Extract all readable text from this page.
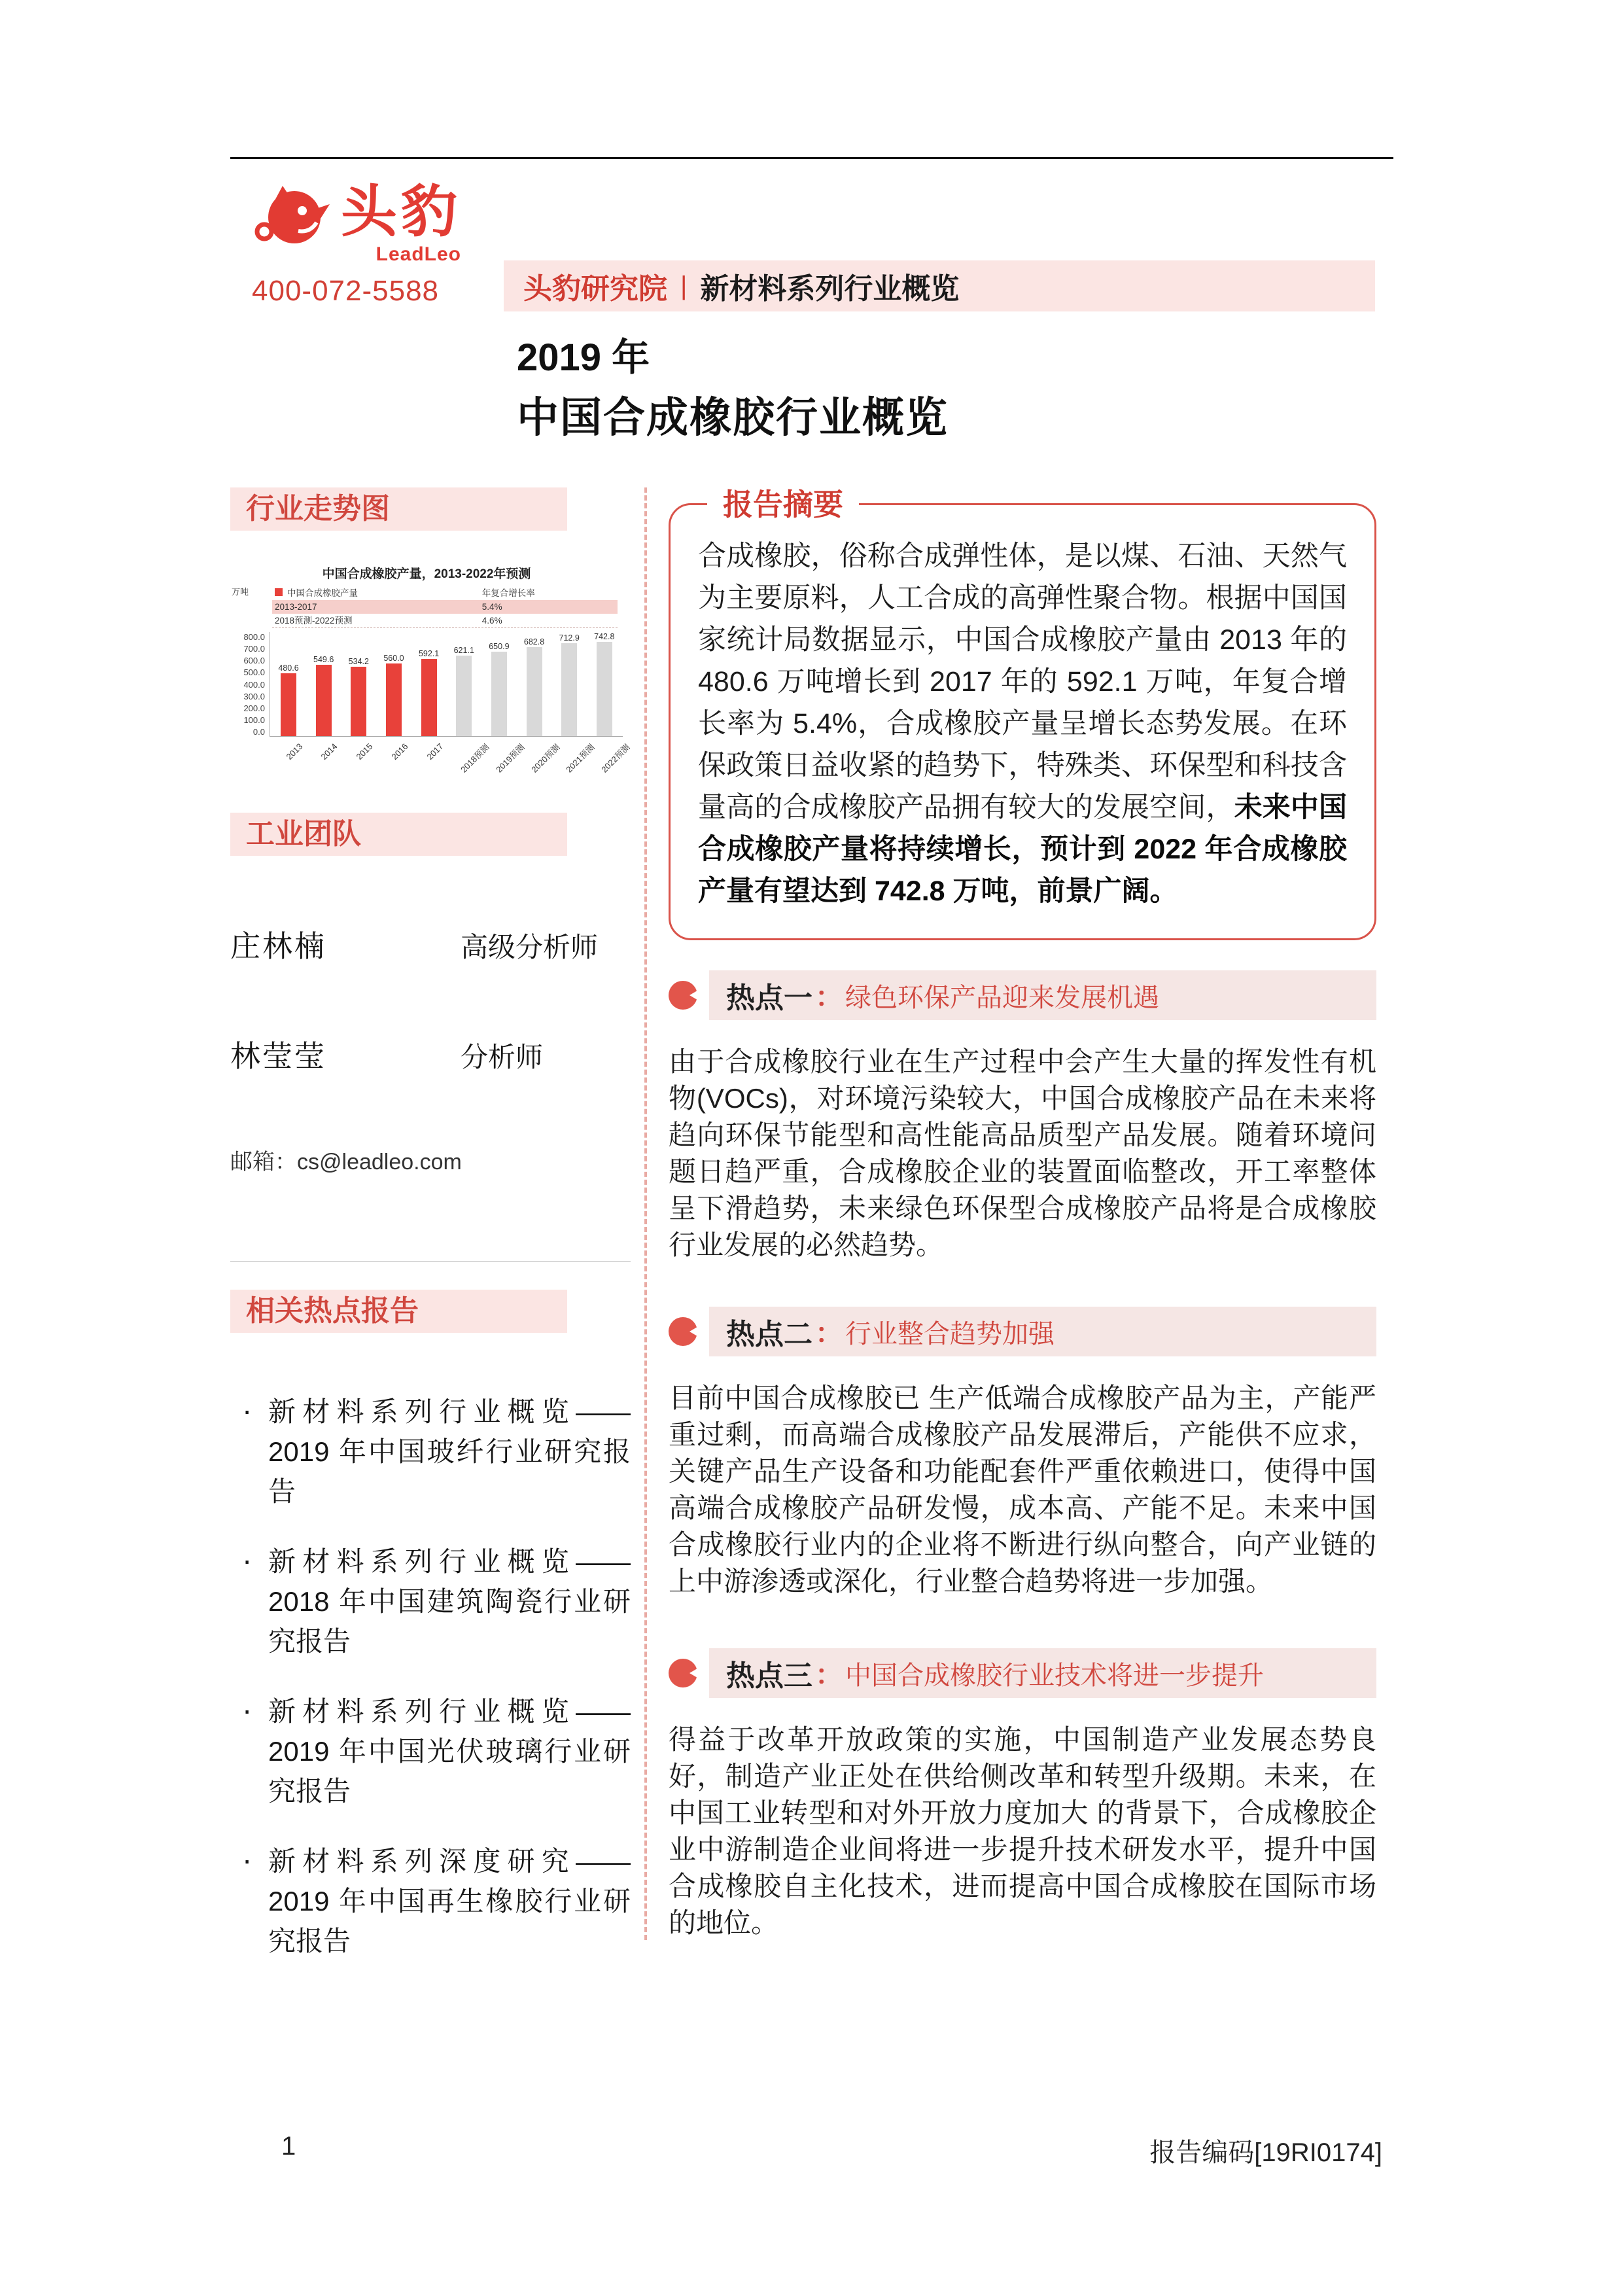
头豹
LeadLeo
400-072-5588	头豹研究院 | 新材料系列行业概览
2019 年
中国合成橡胶行业概览
行业走势图
中国合成橡胶产量，2013-2022年预测
万吨	中国合成橡胶产量	年复合增长率
2013-2017	5.4%
2018预测-2022预测	4.6%
800.0
700.0
600.0
500.0
400.0
300.0
200.0
100.0
0.0
480.6
549.6 534.2 560.0 592.1 621.1 650.9 682.8 712.9 742.8
2013	2014	2015	2016	2017	2018预测 2019预测 2020预测 2021预测 2022预测
工业团队
庄林楠	高级分析师
林莹莹	分析师
邮箱：cs@leadleo.com
相关热点报告
· 新材料系列行业概览——2019 年中国玻纤行业研究报告
· 新材料系列行业概览——2018 年中国建筑陶瓷行业研究报告
· 新材料系列行业概览——2019 年中国光伏玻璃行业研究报告
· 新材料系列深度研究——2019 年中国再生橡胶行业研究报告
报告摘要
合成橡胶，俗称合成弹性体，是以煤、石油、天然气为主要原料，人工合成的高弹性聚合物。根据中国国家统计局数据显示，中国合成橡胶产量由 2013 年的 480.6 万吨增长到 2017 年的 592.1 万吨，年复合增长率为 5.4%，合成橡胶产量呈增长态势发展。在环保政策日益收紧的趋势下，特殊类、环保型和科技含量高的合成橡胶产品拥有较大的发展空间，未来中国合成橡胶产量将持续增长，预计到 2022 年合成橡胶产量有望达到 742.8 万吨，前景广阔。
热点一 ： 绿色环保产品迎来发展机遇
由于合成橡胶行业在生产过程中会产生大量的挥发性有机物(VOCs)，对环境污染较大，中国合成橡胶产品在未来将趋向环保节能型和高性能高品质型产品发展。随着环境问题日趋严重，合成橡胶企业的装置面临整改，开工率整体呈下滑趋势，未来绿色环保型合成橡胶产品将是合成橡胶行业发展的必然趋势。
热点二 ： 行业整合趋势加强
目前中国合成橡胶已 生产低端合成橡胶产品为主，产能严重过剩，而高端合成橡胶产品发展滞后，产能供不应求，关键产品生产设备和功能配套件严重依赖进口，使得中国高端合成橡胶产品研发慢，成本高、产能不足。未来中国合成橡胶行业内的企业将不断进行纵向整合，向产业链的上中游渗透或深化，行业整合趋势将进一步加强。
热点三 ： 中国合成橡胶行业技术将进一步提升
得益于改革开放政策的实施，中国制造产业发展态势良好，制造产业正处在供给侧改革和转型升级期。未来，在中国工业转型和对外开放力度加大 的背景下，合成橡胶企业中游制造企业间将进一步提升技术研发水平，提升中国合成橡胶自主化技术，进而提高中国合成橡胶在国际市场的地位。
1	报告编码[19RI0174]
